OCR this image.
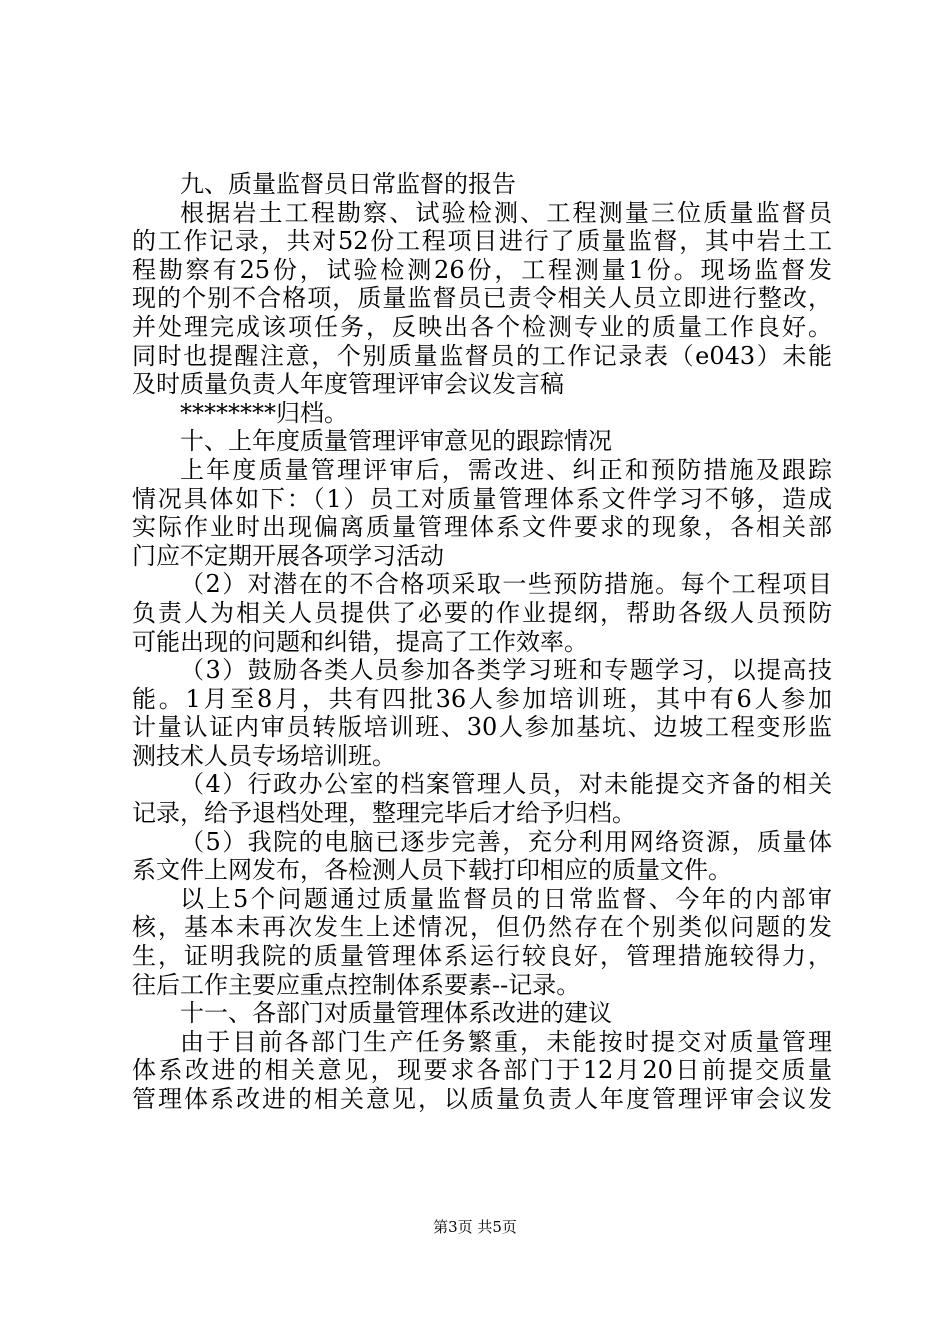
九、质量监督员日常监督的报告
根据岩土工程勘察、试验检测、工程测量三位质量监督员
的工作记录，共对52份工程项目进行了质量监督，其中岩土工
程勘察有25份，试验检测26份，工程测量1份。现场监督发
现的个别不合格项，质量监督员已责令相关人员立即进行整改，
并处理完成该项任务，反映出各个检测专业的质量工作良好。
同时也提醒注意，个别质量监督员的工作记录表（e043）未能
及时质量负责人年度管理评审会议发言稿
********归档。
十、上年度质量管理评审意见的跟踪情况
上年度质量管理评审后，需改进、纠正和预防措施及跟踪
情况具体如下：（1）员工对质量管理体系文件学习不够，造成
实际作业时出现偏离质量管理体系文件要求的现象，各相关部
门应不定期开展各项学习活动
（2）对潜在的不合格项采取一些预防措施。每个工程项目
负责人为相关人员提供了必要的作业提纲，帮助各级人员预防
可能出现的问题和纠错，提高了工作效率。
（3）鼓励各类人员参加各类学习班和专题学习，以提高技
能。1月至8月，共有四批36人参加培训班，其中有6人参加
计量认证内审员转版培训班、30人参加基坑、边坡工程变形监
测技术人员专场培训班。
（4）行政办公室的档案管理人员，对未能提交齐备的相关
记录，给予退档处理，整理完毕后才给予归档。
（5）我院的电脑已逐步完善，充分利用网络资源，质量体
系文件上网发布，各检测人员下载打印相应的质量文件。
以上5个问题通过质量监督员的日常监督、今年的内部审
核，基本未再次发生上述情况，但仍然存在个别类似问题的发
生，证明我院的质量管理体系运行较良好，管理措施较得力，
往后工作主要应重点控制体系要素--记录。
十一、各部门对质量管理体系改进的建议
由于目前各部门生产任务繁重，未能按时提交对质量管理
体系改进的相关意见，现要求各部门于12月20日前提交质量
管理体系改进的相关意见，以质量负责人年度管理评审会议发
第3页 共5页
